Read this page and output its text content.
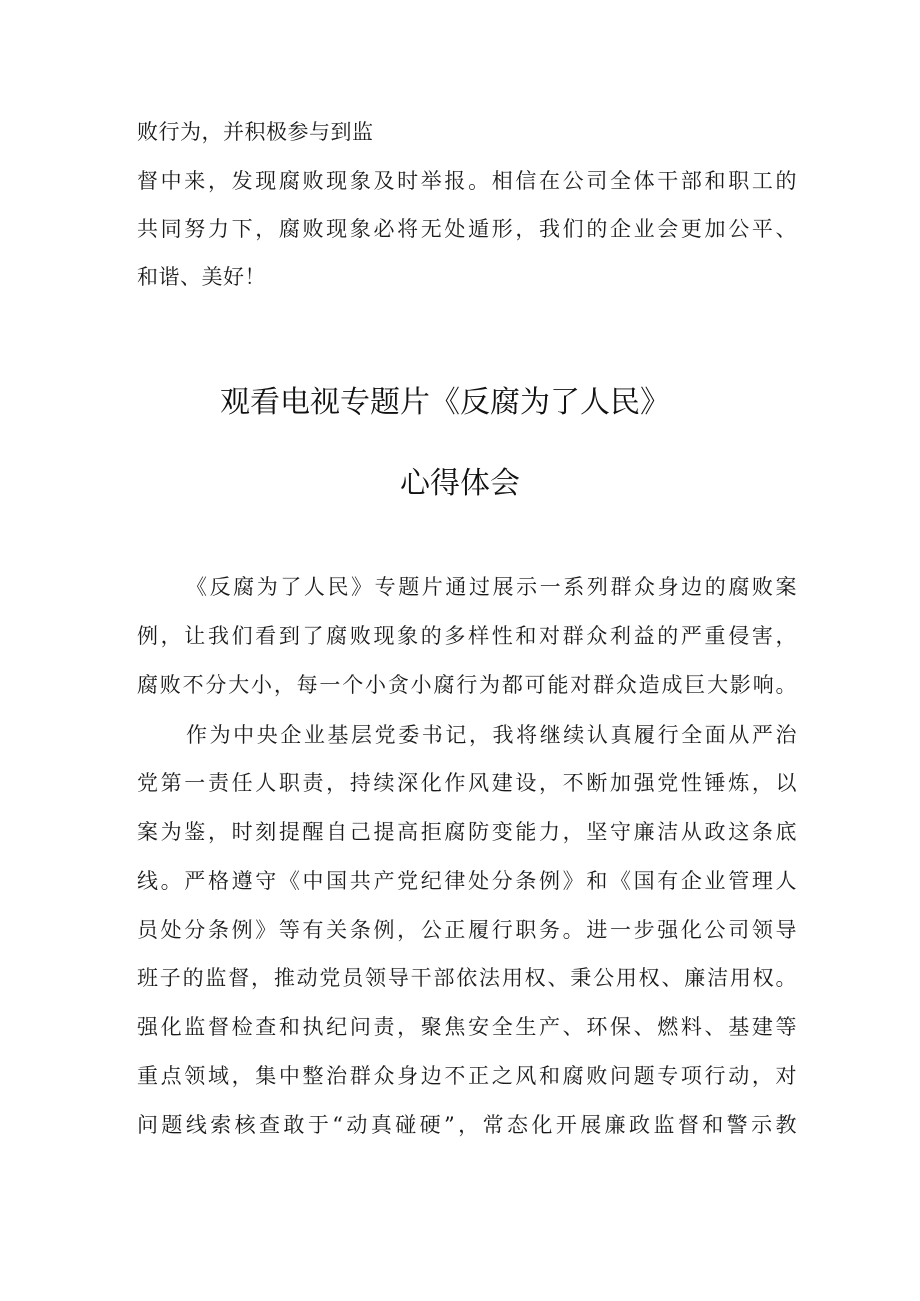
败行为，并积极参与到监
督中来，发现腐败现象及时举报。相信在公司全体干部和职工的
共同努力下，腐败现象必将无处遁形，我们的企业会更加公平、
和谐、美好！
观看电视专题片《反腐为了人民》
心得体会
《反腐为了人民》专题片通过展示一系列群众身边的腐败案
例，让我们看到了腐败现象的多样性和对群众利益的严重侵害，
腐败不分大小，每一个小贪小腐行为都可能对群众造成巨大影响。
作为中央企业基层党委书记，我将继续认真履行全面从严治
党第一责任人职责，持续深化作风建设，不断加强党性锤炼，以
案为鉴，时刻提醒自己提高拒腐防变能力，坚守廉洁从政这条底
线。严格遵守《中国共产党纪律处分条例》和《国有企业管理人
员处分条例》等有关条例，公正履行职务。进一步强化公司领导
班子的监督，推动党员领导干部依法用权、秉公用权、廉洁用权。
强化监督检查和执纪问责，聚焦安全生产、环保、燃料、基建等
重点领域，集中整治群众身边不正之风和腐败问题专项行动，对
问题线索核查敢于“动真碰硬”，常态化开展廉政监督和警示教
